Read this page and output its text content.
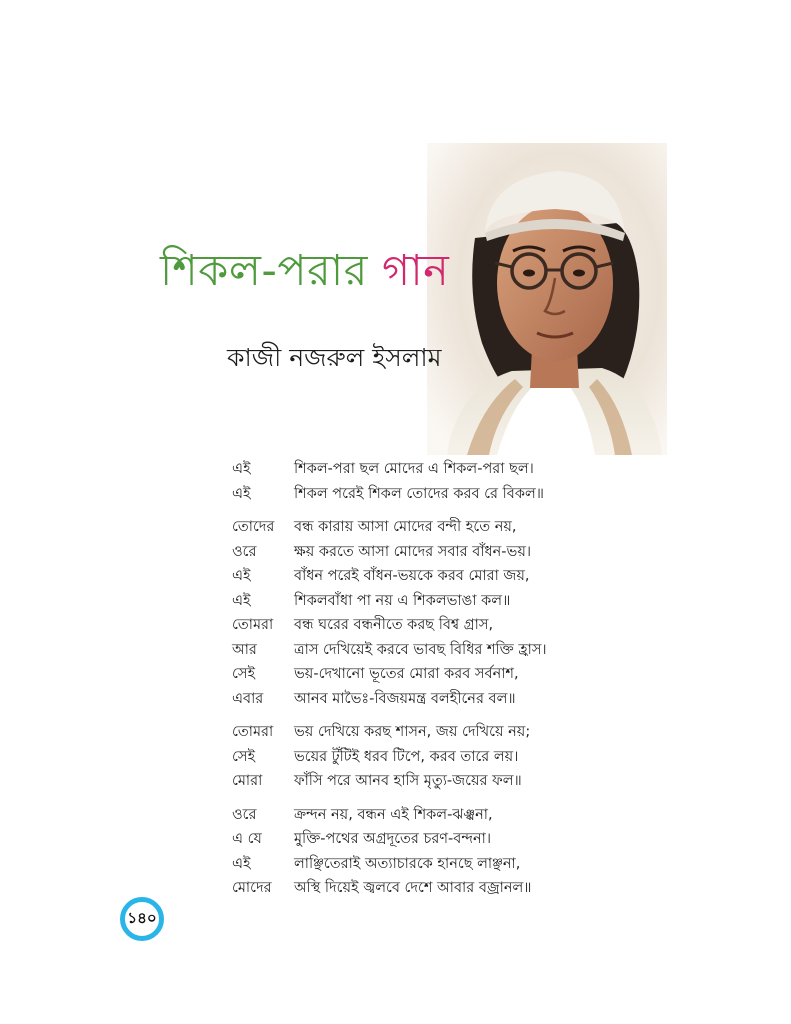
শিকল-পরার গান
কাজী নজরুল ইসলাম
এই	শিকল-পরা ছল মোদের এ শিকল-পরা ছল।
এই	শিকল পরেই শিকল তোদের করব রে বিকল॥
তোদের	বন্ধ কারায় আসা মোদের বন্দী হতে নয়,
ওরে	ক্ষয় করতে আসা মোদের সবার বাঁধন-ভয়।
এই	বাঁধন পরেই বাঁধন-ভয়কে করব মোরা জয়,
এই	শিকলবাঁধা পা নয় এ শিকলভাঙা কল॥
তোমরা	বন্ধ ঘরের বন্ধনীতে করছ বিশ্ব গ্রাস,
আর	ত্রাস দেখিয়েই করবে ভাবছ বিধির শক্তি হ্রাস।
সেই	ভয়-দেখানো ভূতের মোরা করব সর্বনাশ,
এবার	আনব মাভৈঃ-বিজয়মন্ত্র বলহীনের বল॥
তোমরা	ভয় দেখিয়ে করছ শাসন, জয় দেখিয়ে নয়;
সেই	ভয়ের টুঁটিই ধরব টিপে, করব তারে লয়।
মোরা	ফাঁসি পরে আনব হাসি মৃত্যু-জয়ের ফল॥
ওরে	ক্রন্দন নয়, বন্ধন এই শিকল-ঝঞ্ঝনা,
এ যে	মুক্তি-পথের অগ্রদূতের চরণ-বন্দনা।
এই	লাঞ্ছিতেরাই অত্যাচারকে হানছে লাঞ্ছনা,
মোদের	অস্থি দিয়েই জ্বলবে দেশে আবার বজ্রানল॥
১৪০
